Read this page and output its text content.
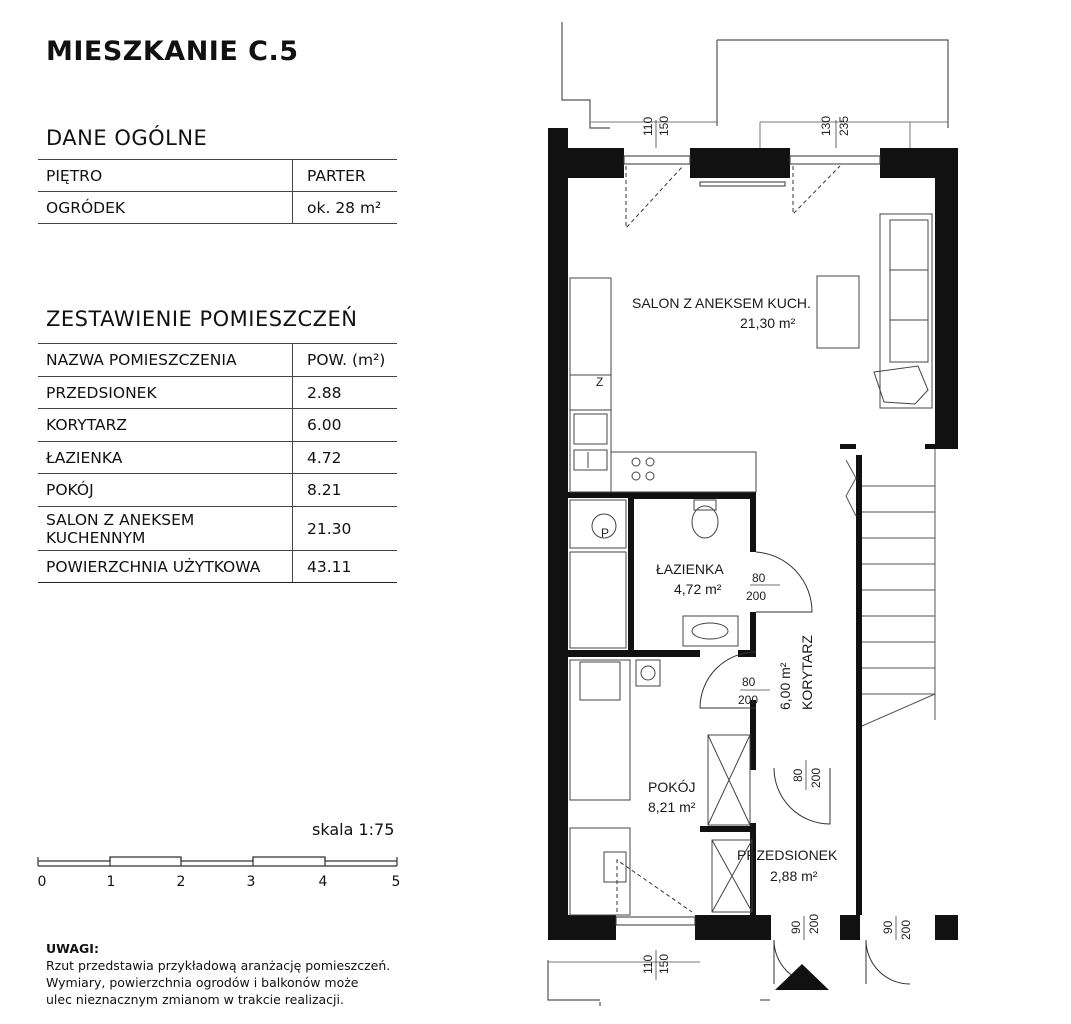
MIESZKANIE C.5
DANE OGÓLNE
PIĘTRO	PARTER
OGRÓDEK	ok. 28 m²
ZESTAWIENIE POMIESZCZEŃ
NAZWA POMIESZCZENIA	POW. (m²)
PRZEDSIONEK	2.88
KORYTARZ	6.00
ŁAZIENKA	4.72
POKÓJ	8.21

SALON Z ANEKSEM
KUCHENNYM	21.30
POWIERZCHNIA UŻYTKOWA	43.11
skala 1:75
0	1	2	3	4	5
UWAGI:
Rzut przedstawia przykładową aranżację pomieszczeń.
Wymiary, powierzchnia ogrodów i balkonów może
ulec nieznacznym zmianom w trakcie realizacji.
Z
P
80
200
80
200
80 200
110 150	130 235
110 150
90 200	90 200
SALON Z ANEKSEM KUCH.
21,30 m²
ŁAZIENKA
4,72 m²
6,00 m² KORYTARZ
POKÓJ
8,21 m²
PRZEDSIONEK
2,88 m²
